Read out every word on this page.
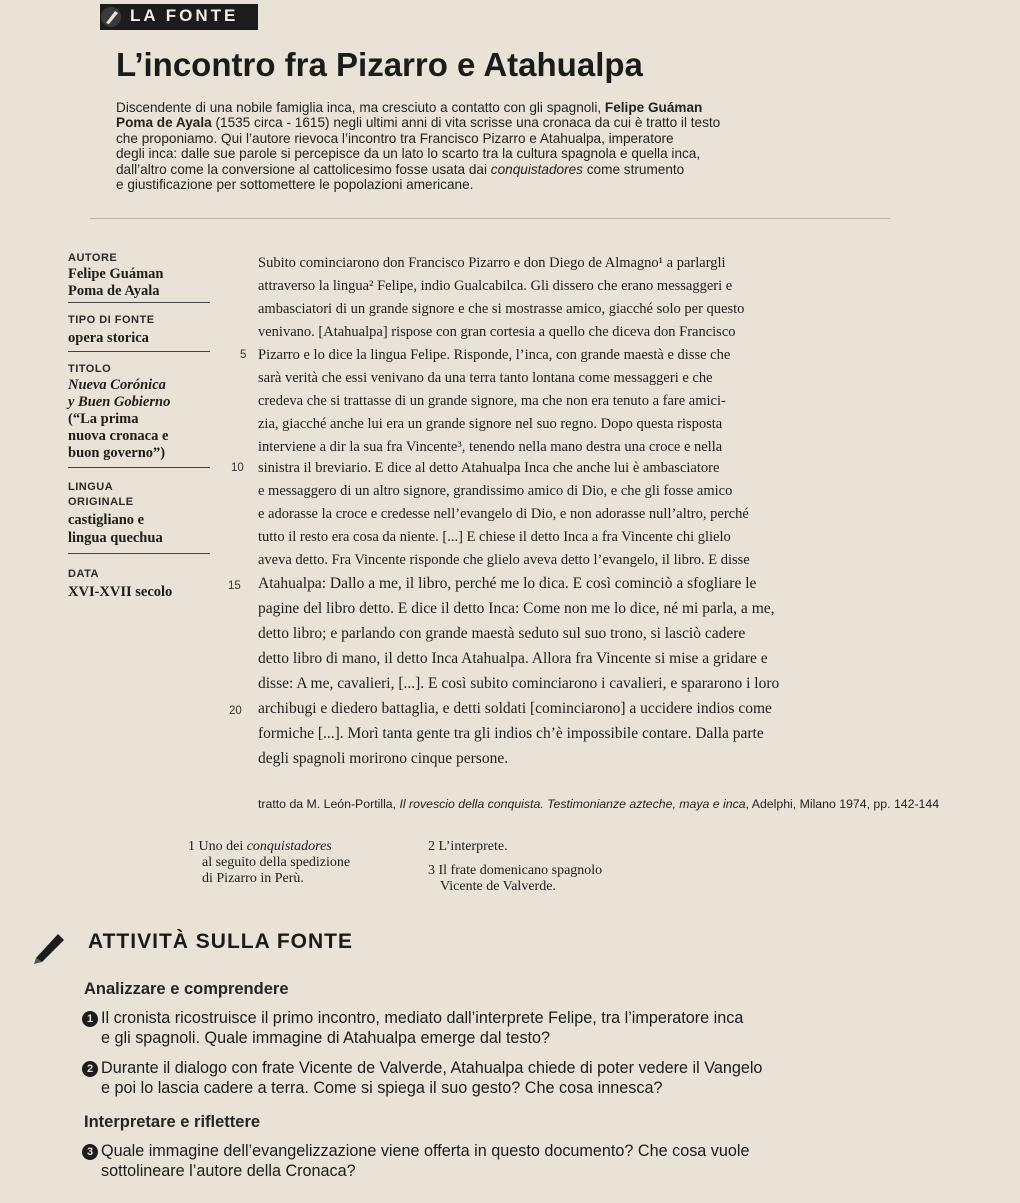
LA FONTE
L’incontro fra Pizarro e Atahualpa
Discendente di una nobile famiglia inca, ma cresciuto a contatto con gli spagnoli, Felipe Guáman
Poma de Ayala (1535 circa - 1615) negli ultimi anni di vita scrisse una cronaca da cui è tratto il testo
che proponiamo. Qui l’autore rievoca l’incontro tra Francisco Pizarro e Atahualpa, imperatore
degli inca: dalle sue parole si percepisce da un lato lo scarto tra la cultura spagnola e quella inca,
dall’altro come la conversione al cattolicesimo fosse usata dai conquistadores come strumento
e giustificazione per sottomettere le popolazioni americane.
AUTORE
Felipe Guáman
Poma de Ayala
TIPO DI FONTE
opera storica
TITOLO
Nueva Corónica
y Buen Gobierno
(“La prima
nuova cronaca e
buon governo”)
LINGUA
ORIGINALE
castigliano e
lingua quechua
DATA
XVI-XVII secolo
Subito cominciarono don Francisco Pizarro e don Diego de Almagno¹ a parlargli
attraverso la lingua² Felipe, indio Gualcabilca. Gli dissero che erano messaggeri e
ambasciatori di un grande signore e che si mostrasse amico, giacché solo per questo
venivano. [Atahualpa] rispose con gran cortesia a quello che diceva don Francisco
5 Pizarro e lo dice la lingua Felipe. Risponde, l’inca, con grande maestà e disse che
sarà verità che essi venivano da una terra tanto lontana come messaggeri e che
credeva che si trattasse di un grande signore, ma che non era tenuto a fare amici-
zia, giacché anche lui era un grande signore nel suo regno. Dopo questa risposta
interviene a dir la sua fra Vincente³, tenendo nella mano destra una croce e nella
10 sinistra il breviario. E dice al detto Atahualpa Inca che anche lui è ambasciatore
e messaggero di un altro signore, grandissimo amico di Dio, e che gli fosse amico
e adorasse la croce e credesse nell’evangelo di Dio, e non adorasse null’altro, perché
tutto il resto era cosa da niente. [...] E chiese il detto Inca a fra Vincente chi glielo
aveva detto. Fra Vincente risponde che glielo aveva detto l’evangelo, il libro. E disse
15 Atahualpa: Dallo a me, il libro, perché me lo dica. E così cominciò a sfogliare le
pagine del libro detto. E dice il detto Inca: Come non me lo dice, né mi parla, a me,
detto libro; e parlando con grande maestà seduto sul suo trono, si lasciò cadere
detto libro di mano, il detto Inca Atahualpa. Allora fra Vincente si mise a gridare e
disse: A me, cavalieri, [...]. E così subito cominciarono i cavalieri, e spararono i loro
20 archibugi e diedero battaglia, e detti soldati [cominciarono] a uccidere indios come
formiche [...]. Morì tanta gente tra gli indios ch’è impossibile contare. Dalla parte
degli spagnoli morirono cinque persone.
tratto da M. León-Portilla, Il rovescio della conquista. Testimonianze azteche, maya e inca, Adelphi, Milano 1974, pp. 142-144
1 Uno dei conquistadores
al seguito della spedizione
di Pizarro in Perù.
2 L’interprete.
3 Il frate domenicano spagnolo
Vicente de Valverde.
ATTIVITÀ SULLA FONTE
Analizzare e comprendere
1 Il cronista ricostruisce il primo incontro, mediato dall’interprete Felipe, tra l’imperatore inca
e gli spagnoli. Quale immagine di Atahualpa emerge dal testo?
2 Durante il dialogo con frate Vicente de Valverde, Atahualpa chiede di poter vedere il Vangelo
e poi lo lascia cadere a terra. Come si spiega il suo gesto? Che cosa innesca?
Interpretare e riflettere
3 Quale immagine dell’evangelizzazione viene offerta in questo documento? Che cosa vuole
sottolineare l’autore della Cronaca?
